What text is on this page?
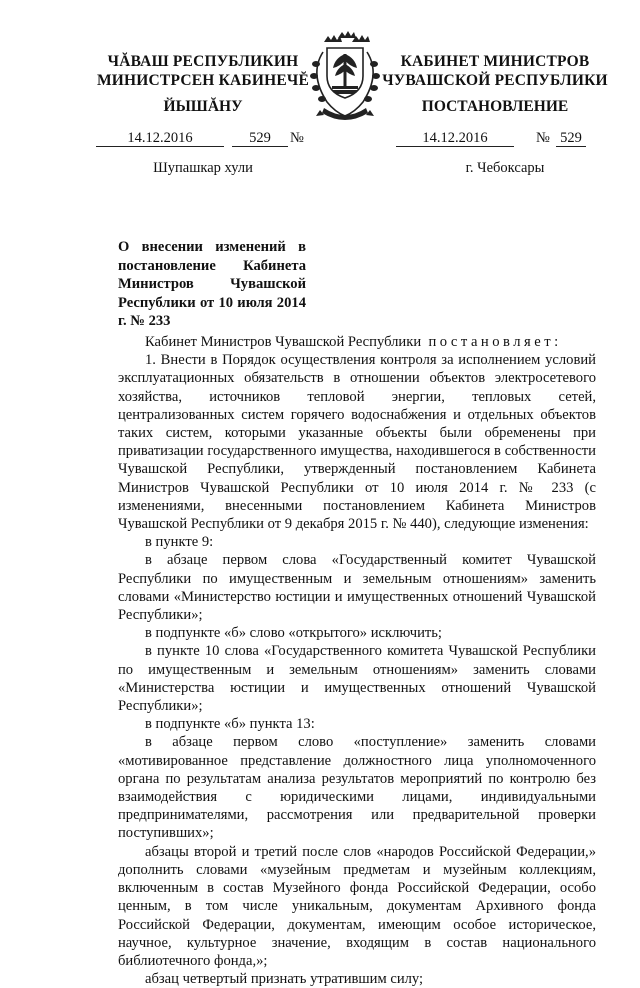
ЧĂВАШ РЕСПУБЛИКИН
МИНИСТРСЕН КАБИНЕЧĔ
ЙЫШĂНУ
КАБИНЕТ МИНИСТРОВ
ЧУВАШСКОЙ РЕСПУБЛИКИ
ПОСТАНОВЛЕНИЕ
14.12.2016	529	№	14.12.2016	№ 529
Шупашкар хули	г. Чебоксары
О внесении изменений в постановление Кабинета Министров Чувашской Республики от 10 июля 2014 г. № 233

Кабинет Министров Чувашской Республики постановляет:

1. Внести в Порядок осуществления контроля за исполнением условий эксплуатационных обязательств в отношении объектов электросетевого хозяйства, источников тепловой энергии, тепловых сетей, централизованных систем горячего водоснабжения и отдельных объектов таких систем, которыми указанные объекты были обременены при приватизации государственного имущества, находившегося в собственности Чувашской Республики, утвержденный постановлением Кабинета Министров Чувашской Республики от 10 июля 2014 г. № 233 (с изменениями, внесенными постановлением Кабинета Министров Чувашской Республики от 9 декабря 2015 г. № 440), следующие изменения:

в пункте 9:

в абзаце первом слова «Государственный комитет Чувашской Республики по имущественным и земельным отношениям» заменить словами «Министерство юстиции и имущественных отношений Чувашской Республики»;

в подпункте «б» слово «открытого» исключить;

в пункте 10 слова «Государственного комитета Чувашской Республики по имущественным и земельным отношениям» заменить словами «Министерства юстиции и имущественных отношений Чувашской Республики»;

в подпункте «б» пункта 13:

в абзаце первом слово «поступление» заменить словами «мотивированное представление должностного лица уполномоченного органа по результатам анализа результатов мероприятий по контролю без взаимодействия с юридическими лицами, индивидуальными предпринимателями, рассмотрения или предварительной проверки поступивших»;

абзацы второй и третий после слов «народов Российской Федерации,» дополнить словами «музейным предметам и музейным коллекциям, включенным в состав Музейного фонда Российской Федерации, особо ценным, в том числе уникальным, документам Архивного фонда Российской Федерации, документам, имеющим особое историческое, научное, культурное значение, входящим в состав национального библиотечного фонда,»;

абзац четвертый признать утратившим силу;
